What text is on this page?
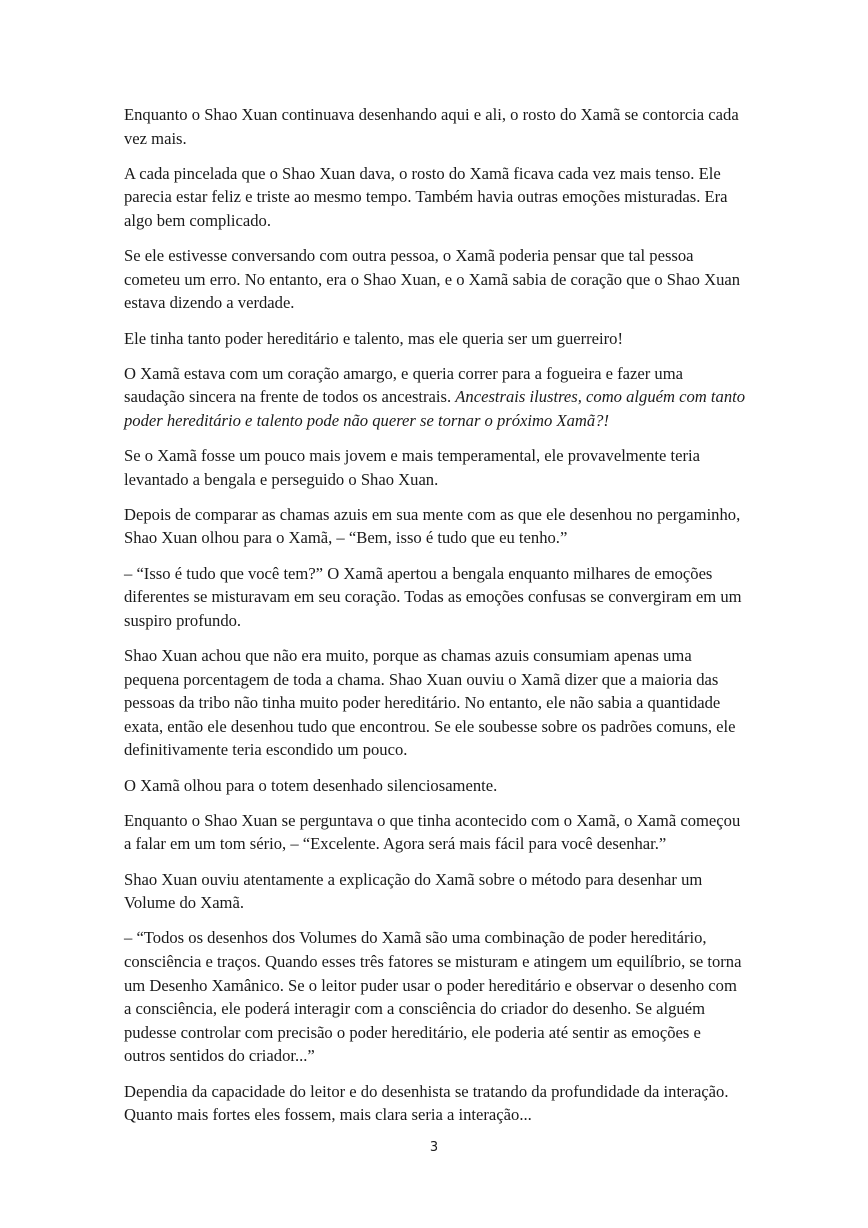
Enquanto o Shao Xuan continuava desenhando aqui e ali, o rosto do Xamã se contorcia cada vez mais.

A cada pincelada que o Shao Xuan dava, o rosto do Xamã ficava cada vez mais tenso. Ele parecia estar feliz e triste ao mesmo tempo. Também havia outras emoções misturadas. Era algo bem complicado.

Se ele estivesse conversando com outra pessoa, o Xamã poderia pensar que tal pessoa cometeu um erro. No entanto, era o Shao Xuan, e o Xamã sabia de coração que o Shao Xuan estava dizendo a verdade.

Ele tinha tanto poder hereditário e talento, mas ele queria ser um guerreiro!

O Xamã estava com um coração amargo, e queria correr para a fogueira e fazer uma saudação sincera na frente de todos os ancestrais. Ancestrais ilustres, como alguém com tanto poder hereditário e talento pode não querer se tornar o próximo Xamã?!

Se o Xamã fosse um pouco mais jovem e mais temperamental, ele provavelmente teria levantado a bengala e perseguido o Shao Xuan.

Depois de comparar as chamas azuis em sua mente com as que ele desenhou no pergaminho, Shao Xuan olhou para o Xamã, – “Bem, isso é tudo que eu tenho.”

– “Isso é tudo que você tem?” O Xamã apertou a bengala enquanto milhares de emoções diferentes se misturavam em seu coração. Todas as emoções confusas se convergiram em um suspiro profundo.

Shao Xuan achou que não era muito, porque as chamas azuis consumiam apenas uma pequena porcentagem de toda a chama. Shao Xuan ouviu o Xamã dizer que a maioria das pessoas da tribo não tinha muito poder hereditário. No entanto, ele não sabia a quantidade exata, então ele desenhou tudo que encontrou. Se ele soubesse sobre os padrões comuns, ele definitivamente teria escondido um pouco.

O Xamã olhou para o totem desenhado silenciosamente.

Enquanto o Shao Xuan se perguntava o que tinha acontecido com o Xamã, o Xamã começou a falar em um tom sério, – “Excelente. Agora será mais fácil para você desenhar.”

Shao Xuan ouviu atentamente a explicação do Xamã sobre o método para desenhar um Volume do Xamã.

– “Todos os desenhos dos Volumes do Xamã são uma combinação de poder hereditário, consciência e traços. Quando esses três fatores se misturam e atingem um equilíbrio, se torna um Desenho Xamânico. Se o leitor puder usar o poder hereditário e observar o desenho com a consciência, ele poderá interagir com a consciência do criador do desenho. Se alguém pudesse controlar com precisão o poder hereditário, ele poderia até sentir as emoções e outros sentidos do criador...”

Dependia da capacidade do leitor e do desenhista se tratando da profundidade da interação. Quanto mais fortes eles fossem, mais clara seria a interação...

3
